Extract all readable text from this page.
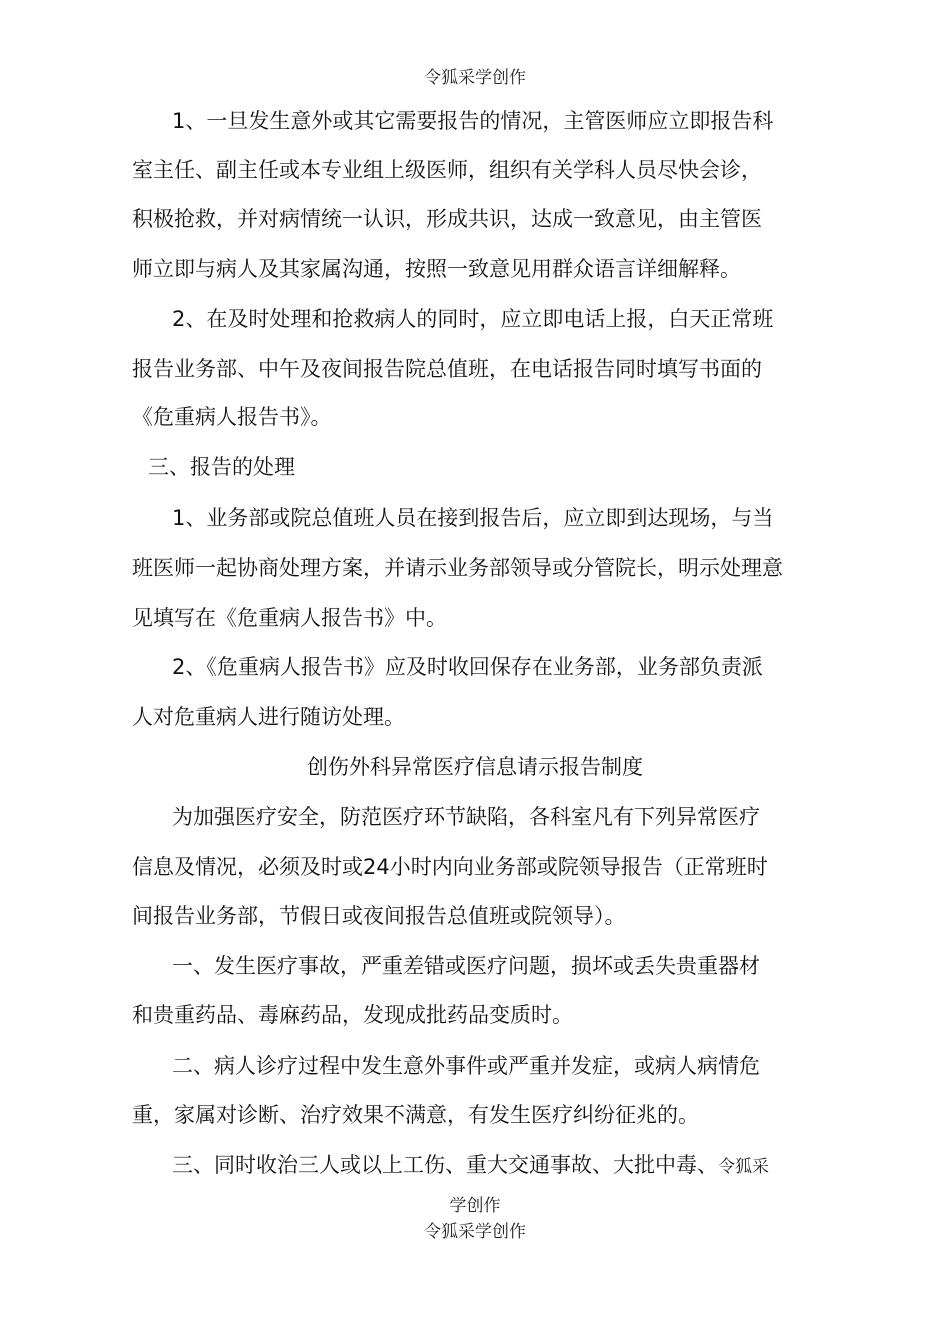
令狐采学创作
1、一旦发生意外或其它需要报告的情况，主管医师应立即报告科
室主任、副主任或本专业组上级医师，组织有关学科人员尽快会诊，
积极抢救，并对病情统一认识，形成共识，达成一致意见，由主管医
师立即与病人及其家属沟通，按照一致意见用群众语言详细解释。
2、在及时处理和抢救病人的同时，应立即电话上报，白天正常班
报告业务部、中午及夜间报告院总值班，在电话报告同时填写书面的
《危重病人报告书》。
三、报告的处理
1、业务部或院总值班人员在接到报告后，应立即到达现场，与当
班医师一起协商处理方案，并请示业务部领导或分管院长，明示处理意
见填写在《危重病人报告书》中。
2、《危重病人报告书》应及时收回保存在业务部，业务部负责派
人对危重病人进行随访处理。
创伤外科异常医疗信息请示报告制度
为加强医疗安全，防范医疗环节缺陷，各科室凡有下列异常医疗
信息及情况，必须及时或24小时内向业务部或院领导报告（正常班时
间报告业务部，节假日或夜间报告总值班或院领导）。
一、发生医疗事故，严重差错或医疗问题，损坏或丢失贵重器材
和贵重药品、毒麻药品，发现成批药品变质时。
二、病人诊疗过程中发生意外事件或严重并发症，或病人病情危
重，家属对诊断、治疗效果不满意，有发生医疗纠纷征兆的。
三、同时收治三人或以上工伤、重大交通事故、大批中毒、令狐采
学创作
令狐采学创作
